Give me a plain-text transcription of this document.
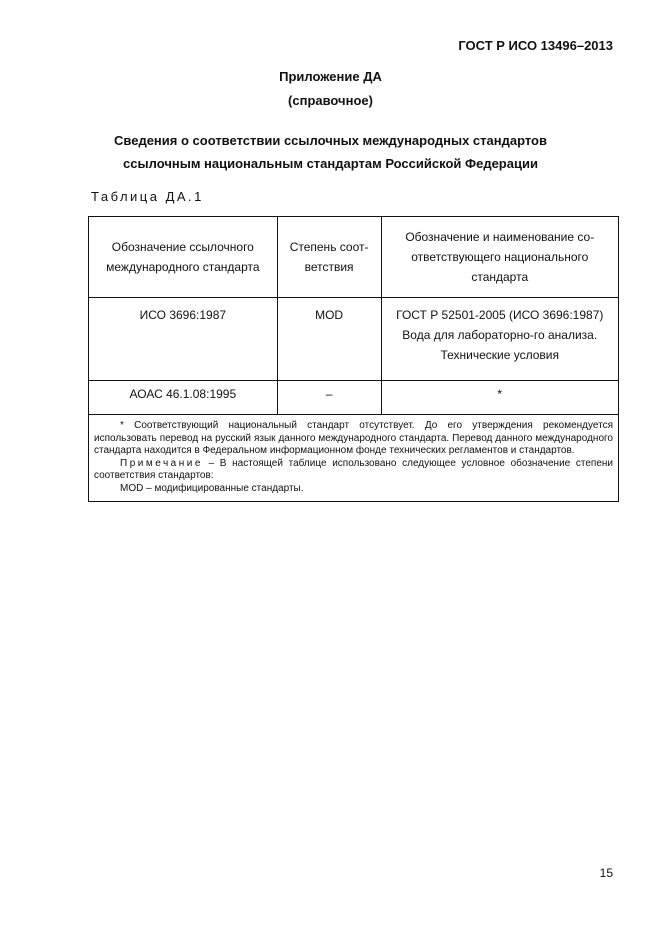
ГОСТ Р ИСО 13496–2013
Приложение ДА
(справочное)
Сведения о соответствии ссылочных международных стандартов
ссылочным национальным стандартам Российской Федерации
Таблица ДА.1
Обозначение ссылочного международного стандарта	Степень соот-ветствия	Обозначение и наименование со-ответствующего национального стандарта
ИСО 3696:1987	MOD	ГОСТ Р 52501-2005 (ИСО 3696:1987) Вода для лабораторно-го анализа. Технические условия
АОАС 46.1.08:1995	–	*

* Соответствующий национальный стандарт отсутствует. До его утверждения рекомендуется использовать перевод на русский язык данного международного стандарта. Перевод данного международного стандарта находится в Федеральном информационном фонде технических регламентов и стандартов.

Примечание – В настоящей таблице использовано следующее условное обозначение степени соответствия стандартов:

MOD – модифицированные стандарты.		

15
